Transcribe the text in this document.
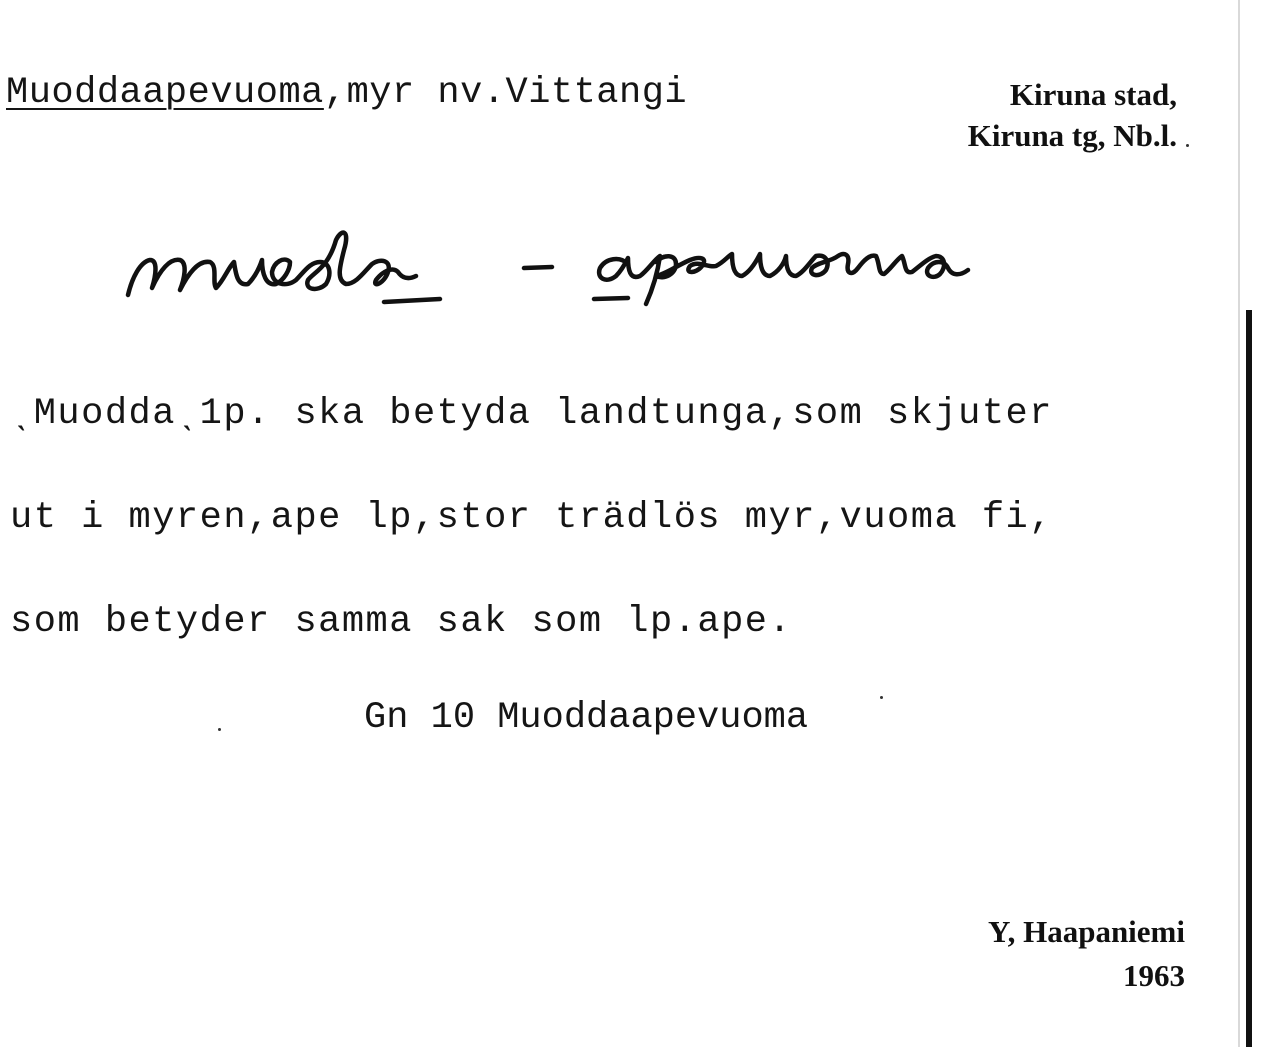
Muoddaapevuoma,myr nv.Vittangi	Kiruna stad,
Kiruna tg, Nb.l.
ˎMuoddaˎ1p. ska betyda landtunga,som skjuter
ut i myren,ape lp,stor trädlös myr,vuoma fi,
som betyder samma sak som lp.ape.
Gn 10 Muoddaapevuoma
Y, Haapaniemi
1963
